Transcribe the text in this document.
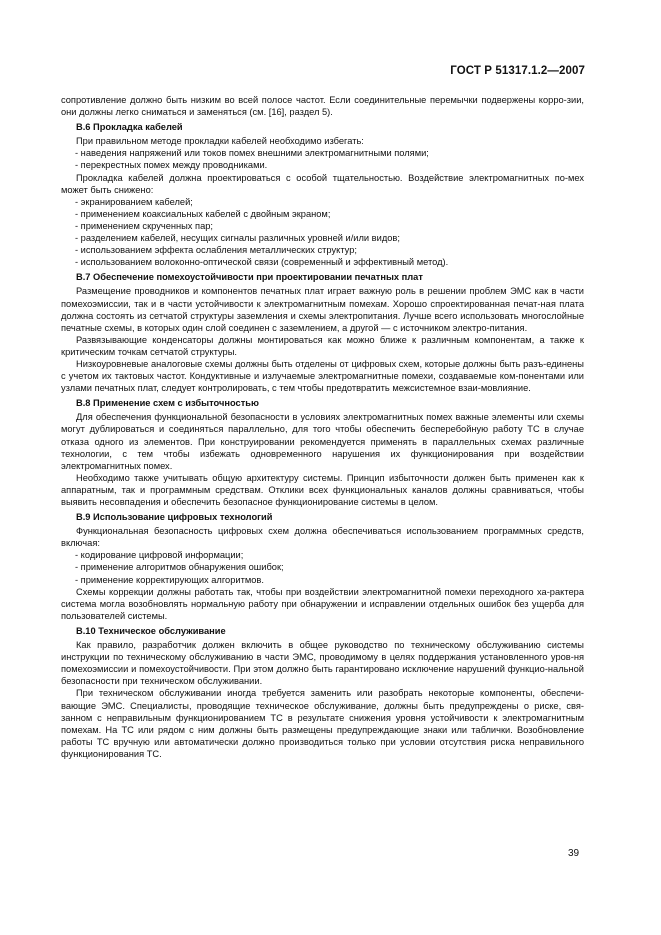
ГОСТ Р 51317.1.2—2007

сопротивление должно быть низким во всей полосе частот. Если соединительные перемычки подвержены корро-зии, они должны легко сниматься и заменяться (см. [16], раздел 5).

В.6 Прокладка кабелей

При правильном методе прокладки кабелей необходимо избегать:

- наведения напряжений или токов помех внешними электромагнитными полями;

- перекрестных помех между проводниками.

Прокладка кабелей должна проектироваться с особой тщательностью. Воздействие электромагнитных по-мех может быть снижено:

- экранированием кабелей;

- применением коаксиальных кабелей с двойным экраном;

- применением скрученных пар;

- разделением кабелей, несущих сигналы различных уровней и/или видов;

- использованием эффекта ослабления металлических структур;

- использованием волоконно-оптической связи (современный и эффективный метод).

В.7 Обеспечение помехоустойчивости при проектировании печатных плат

Размещение проводников и компонентов печатных плат играет важную роль в решении проблем ЭМС как в части помехоэмиссии, так и в части устойчивости к электромагнитным помехам. Хорошо спроектированная печат-ная плата должна состоять из сетчатой структуры заземления и схемы электропитания. Лучше всего использовать многослойные печатные схемы, в которых один слой соединен с заземлением, а другой — с источником электро-питания.

Развязывающие конденсаторы должны монтироваться как можно ближе к различным компонентам, а также к критическим точкам сетчатой структуры.

Низкоуровневые аналоговые схемы должны быть отделены от цифровых схем, которые должны быть разъ-единены с учетом их тактовых частот. Кондуктивные и излучаемые электромагнитные помехи, создаваемые ком-понентами или узлами печатных плат, следует контролировать, с тем чтобы предотвратить межсистемное взаи-мовлияние.

В.8 Применение схем с избыточностью

Для обеспечения функциональной безопасности в условиях электромагнитных помех важные элементы или схемы могут дублироваться и соединяться параллельно, для того чтобы обеспечить бесперебойную работу ТС в случае отказа одного из элементов. При конструировании рекомендуется применять в параллельных схемах различные технологии, с тем чтобы избежать одновременного нарушения их функционирования при воздействии электромагнитных помех.

Необходимо также учитывать общую архитектуру системы. Принцип избыточности должен быть применен как к аппаратным, так и программным средствам. Отклики всех функциональных каналов должны сравниваться, чтобы выявить несовпадения и обеспечить безопасное функционирование системы в целом.

В.9 Использование цифровых технологий

Функциональная безопасность цифровых схем должна обеспечиваться использованием программных средств, включая:

- кодирование цифровой информации;

- применение алгоритмов обнаружения ошибок;

- применение корректирующих алгоритмов.

Схемы коррекции должны работать так, чтобы при воздействии электромагнитной помехи переходного ха-рактера система могла возобновлять нормальную работу при обнаружении и исправлении отдельных ошибок без ущерба для пользователей системы.

В.10 Техническое обслуживание

Как правило, разработчик должен включить в общее руководство по техническому обслуживанию системы инструкции по техническому обслуживанию в части ЭМС, проводимому в целях поддержания установленного уров-ня помехоэмиссии и помехоустойчивости. При этом должно быть гарантировано исключение нарушений функцио-нальной безопасности при техническом обслуживании.

При техническом обслуживании иногда требуется заменить или разобрать некоторые компоненты, обеспечи-вающие ЭМС. Специалисты, проводящие техническое обслуживание, должны быть предупреждены о риске, свя-занном с неправильным функционированием ТС в результате снижения уровня устойчивости к электромагнитным помехам. На ТС или рядом с ним должны быть размещены предупреждающие знаки или таблички. Возобновление работы ТС вручную или автоматически должно производиться только при условии отсутствия риска неправильного функционирования ТС.

39
